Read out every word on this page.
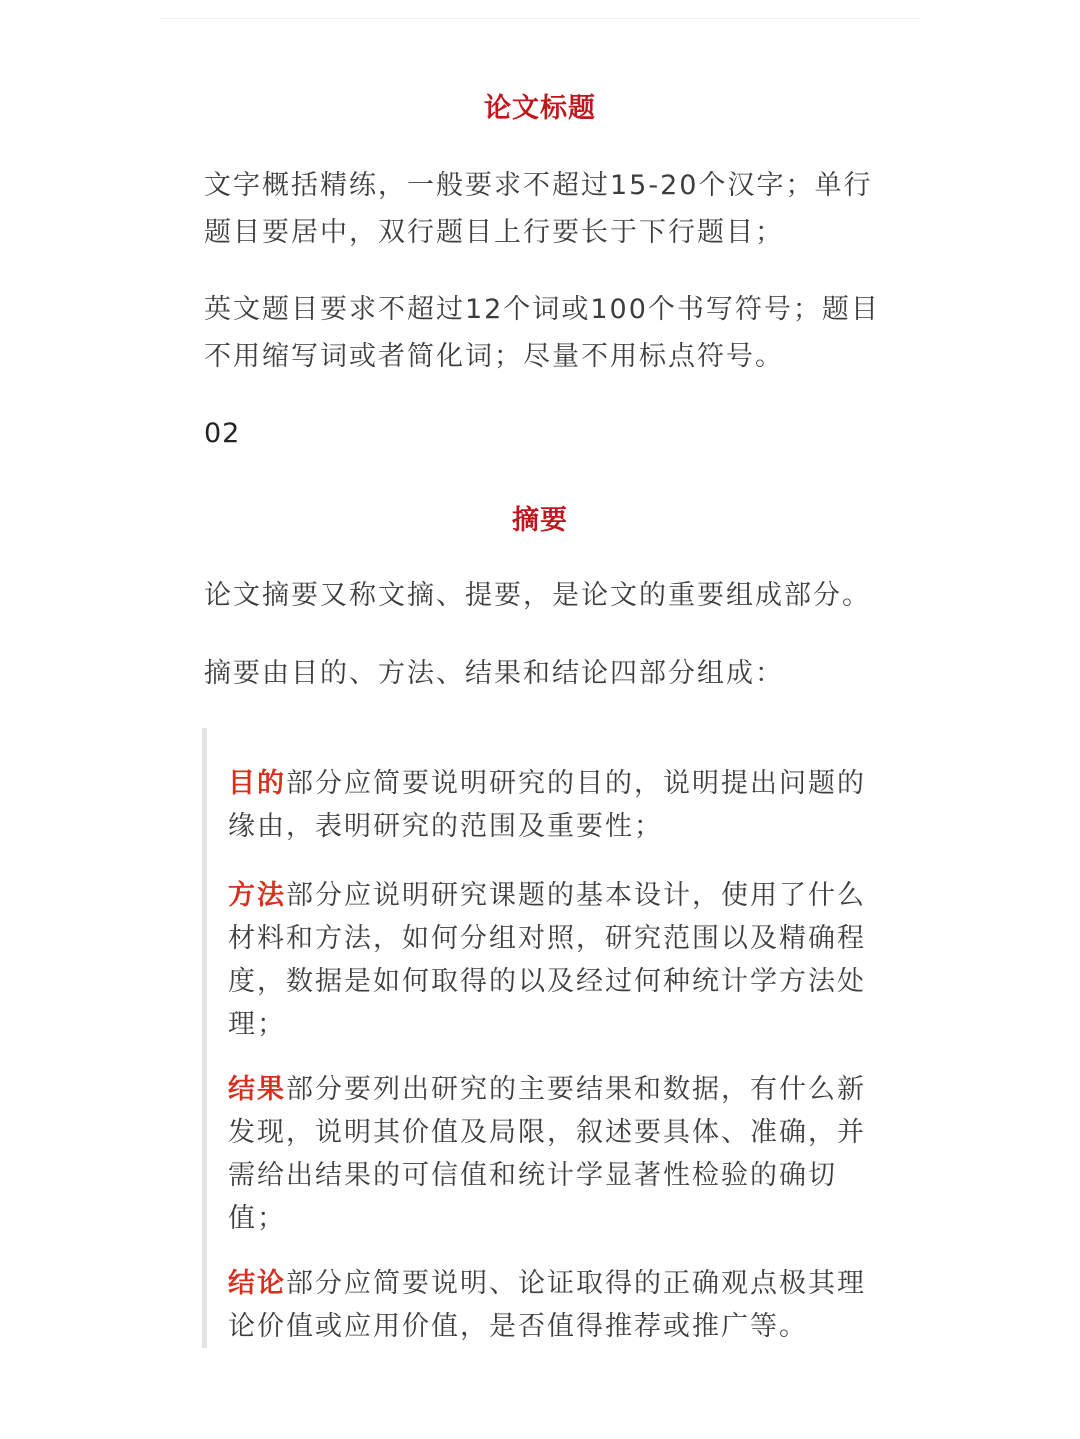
论文标题
文字概括精练，一般要求不超过15-20个汉字；单行题目要居中，双行题目上行要长于下行题目；
英文题目要求不超过12个词或100个书写符号；题目不用缩写词或者简化词；尽量不用标点符号。
02
摘要
论文摘要又称文摘、提要，是论文的重要组成部分。
摘要由目的、方法、结果和结论四部分组成：
目的部分应简要说明研究的目的，说明提出问题的缘由，表明研究的范围及重要性；
方法部分应说明研究课题的基本设计，使用了什么材料和方法，如何分组对照，研究范围以及精确程度，数据是如何取得的以及经过何种统计学方法处理；
结果部分要列出研究的主要结果和数据，有什么新发现，说明其价值及局限，叙述要具体、准确，并需给出结果的可信值和统计学显著性检验的确切值；
结论部分应简要说明、论证取得的正确观点极其理论价值或应用价值，是否值得推荐或推广等。
